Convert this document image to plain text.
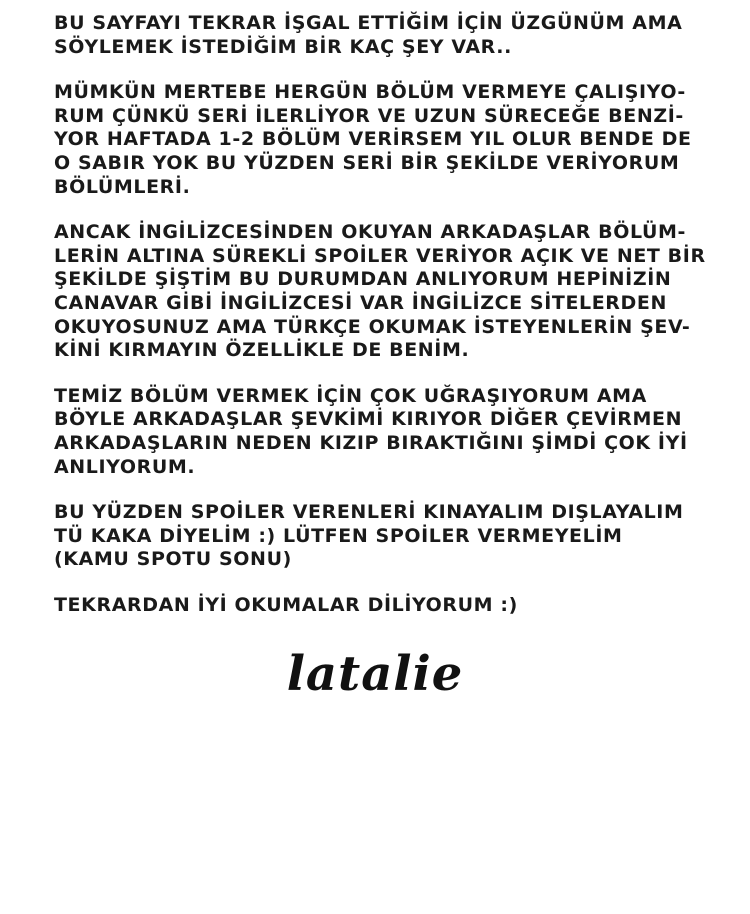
BU SAYFAYI TEKRAR İŞGAL ETTİĞİM İÇİN ÜZGÜNÜM AMA
SÖYLEMEK İSTEDİĞİM BİR KAÇ ŞEY VAR..
MÜMKÜN MERTEBE HERGÜN BÖLÜM VERMEYE ÇALIŞIYO-
RUM ÇÜNKÜ SERİ İLERLİYOR VE UZUN SÜRECEĞE BENZİ-
YOR HAFTADA 1-2 BÖLÜM VERİRSEM YIL OLUR BENDE DE
O SABIR YOK BU YÜZDEN SERİ BİR ŞEKİLDE VERİYORUM
BÖLÜMLERİ.
ANCAK İNGİLİZCESİNDEN OKUYAN ARKADAŞLAR BÖLÜM-
LERİN ALTINA SÜREKLİ SPOİLER VERİYOR AÇIK VE NET BİR
ŞEKİLDE ŞİŞTİM BU DURUMDAN ANLIYORUM HEPİNİZİN
CANAVAR GİBİ İNGİLİZCESİ VAR İNGİLİZCE SİTELERDEN
OKUYOSUNUZ AMA TÜRKÇE OKUMAK İSTEYENLERİN ŞEV-
KİNİ KIRMAYIN ÖZELLİKLE DE BENİM.
TEMİZ BÖLÜM VERMEK İÇİN ÇOK UĞRAŞIYORUM AMA
BÖYLE ARKADAŞLAR ŞEVKİMİ KIRIYOR DİĞER ÇEVİRMEN
ARKADAŞLARIN NEDEN KIZIP BIRAKTIĞINI ŞİMDİ ÇOK İYİ
ANLIYORUM.
BU YÜZDEN SPOİLER VERENLERİ KINAYALIM DIŞLAYALIM
TÜ KAKA DİYELİM :) LÜTFEN SPOİLER VERMEYELİM
(KAMU SPOTU SONU)
TEKRARDAN İYİ OKUMALAR DİLİYORUM :)
latalie
